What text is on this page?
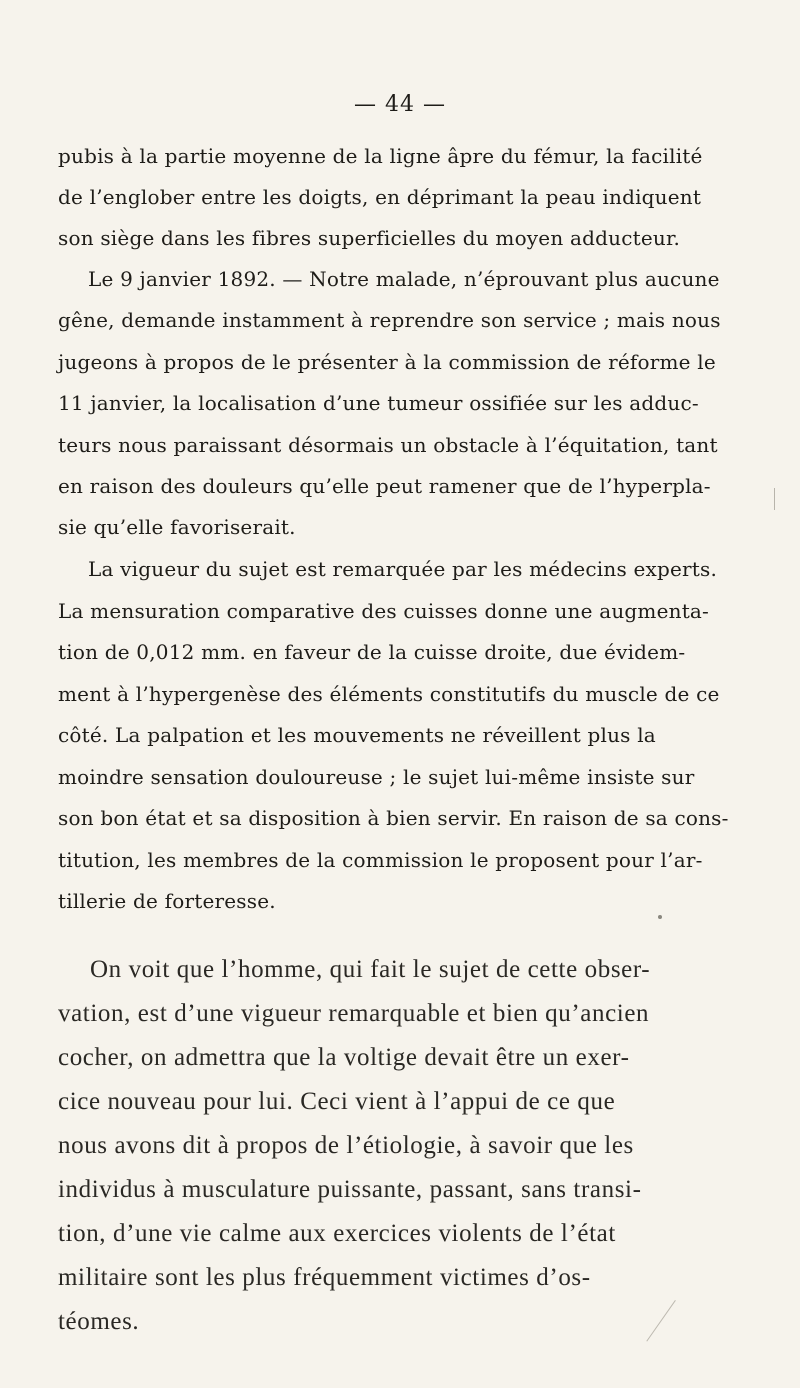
— 44 —
pubis à la partie moyenne de la ligne âpre du fémur, la facilité
de l’englober entre les doigts, en déprimant la peau indiquent
son siège dans les fibres superficielles du moyen adducteur.
Le 9 janvier 1892. — Notre malade, n’éprouvant plus aucune
gêne, demande instamment à reprendre son service ; mais nous
jugeons à propos de le présenter à la commission de réforme le
11 janvier, la localisation d’une tumeur ossifiée sur les adduc-
teurs nous paraissant désormais un obstacle à l’équitation, tant
en raison des douleurs qu’elle peut ramener que de l’hyperpla-
sie qu’elle favoriserait.
La vigueur du sujet est remarquée par les médecins experts.
La mensuration comparative des cuisses donne une augmenta-
tion de 0,012 mm. en faveur de la cuisse droite, due évidem-
ment à l’hypergenèse des éléments constitutifs du muscle de ce
côté. La palpation et les mouvements ne réveillent plus la
moindre sensation douloureuse ; le sujet lui-même insiste sur
son bon état et sa disposition à bien servir. En raison de sa cons-
titution, les membres de la commission le proposent pour l’ar-
tillerie de forteresse.
On voit que l’homme, qui fait le sujet de cette obser-
vation, est d’une vigueur remarquable et bien qu’ancien
cocher, on admettra que la voltige devait être un exer-
cice nouveau pour lui. Ceci vient à l’appui de ce que
nous avons dit à propos de l’étiologie, à savoir que les
individus à musculature puissante, passant, sans transi-
tion, d’une vie calme aux exercices violents de l’état
militaire sont les plus fréquemment victimes d’os-
téomes.
